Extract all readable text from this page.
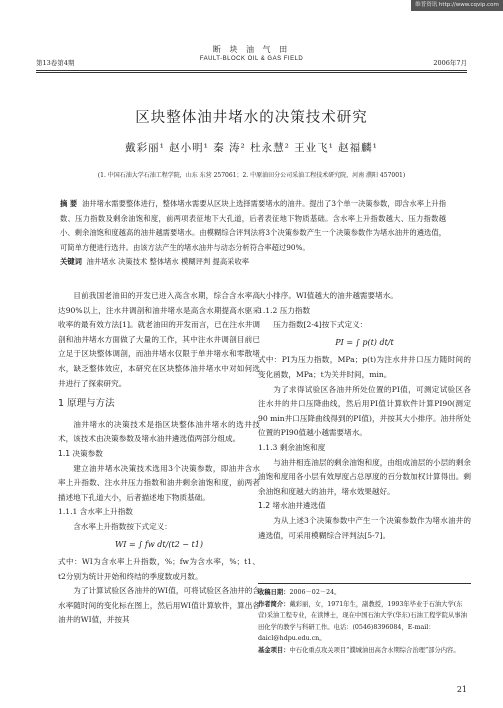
维普资讯 http://www.cqvip.com
断 块 油 气 田
FAULT-BLOCK OIL & GAS FIELD
第13卷第4期	2006年7月
区块整体油井堵水的决策技术研究
戴彩丽¹ 赵小明¹ 秦 涛² 杜永慧² 王业飞¹ 赵福麟¹
(1. 中国石油大学石油工程学院，山东 东营 257061；2. 中原油田分公司采油工程技术研究院，河南 濮阳 457001)

摘 要 油井堵水需要整体进行，整体堵水需要从区块上选择需要堵水的油井。提出了3个单一决策参数，即含水率上升指数、压力指数及剩余油饱和度，前两项表征地下大孔道，后者表征地下物质基础。含水率上升指数越大、压力指数越小、剩余油饱和度越高的油井越需要堵水。由模糊综合评判法将3个决策参数产生一个决策参数作为堵水油井的遴选值，可简单方便进行选井。由该方法产生的堵水油井与动态分析符合率超过90%。

关键词 油井堵水 决策技术 整体堵水 模糊评判 提高采收率

目前我国老油田的开发已进入高含水期，综合含水率高达90%以上，注水井调剖和油井堵水是高含水期提高水驱采收率的最有效方法[1]。就老油田的开发而言，已在注水井调剖和油井堵水方面做了大量的工作，其中注水井调剖目前已立足于区块整体调剖，而油井堵水仅限于单井堵水和零散堵水，缺乏整体效应，本研究在区块整体油井堵水中对如何选井进行了探索研究。

1 原理与方法

油井堵水的决策技术是指区块整体油井堵水的选井技术，该技术由决策参数及堵水油井遴选值两部分组成。

1.1 决策参数

建立油井堵水决策技术选用3个决策参数，即油井含水率上升指数、注水井压力指数和油井剩余油饱和度，前两者描述地下孔道大小，后者描述地下物质基础。

1.1.1 含水率上升指数

含水率上升指数按下式定义：

WI = ∫ fw dt/(t2 − t1)

式中：WI为含水率上升指数，%；fw为含水率，%；t1、t2分别为统计开始和终结的季度数或月数。

为了计算试验区各油井的WI值，可将试验区各油井的含水率随时间的变化标在图上，然后用WI值计算软件，算出各油井的WI值，并按其

大小排序。WI值越大的油井越需要堵水。

1.1.2 压力指数

压力指数[2-4]按下式定义：

PI = ∫ p(t) dt/t

式中：PI为压力指数，MPa；p(t)为注水井井口压力随时间的变化函数，MPa；t为关井时间，min。

为了求得试验区各油井所处位置的PI值，可测定试验区各注水井的井口压降曲线，然后用PI值计算软件计算PI90(测定90 min井口压降曲线得到的PI值)，并按其大小排序。油井所处位置的PI90值越小越需要堵水。

1.1.3 剩余油饱和度

与油井相连油层的剩余油饱和度，由组成油层的小层的剩余油饱和度用各小层有效厚度占总厚度的百分数加权计算得出。剩余油饱和度越大的油井，堵水效果越好。

1.2 堵水油井遴选值

为从上述3个决策参数中产生一个决策参数作为堵水油井的遴选值，可采用模糊综合评判法[5-7]。

收稿日期：2006－02－24。

作者简介：戴彩丽，女，1971年生，副教授，1993年毕业于石油大学(东营)采油工程专业，在读博士，现在中国石油大学(华东)石油工程学院从事油田化学的教学与科研工作。电话：(0546)8396084，E-mail：daicl@hdpu.edu.cn。

基金项目：中石化重点攻关项目“濮城油田高含水期综合治理”部分内容。

21
